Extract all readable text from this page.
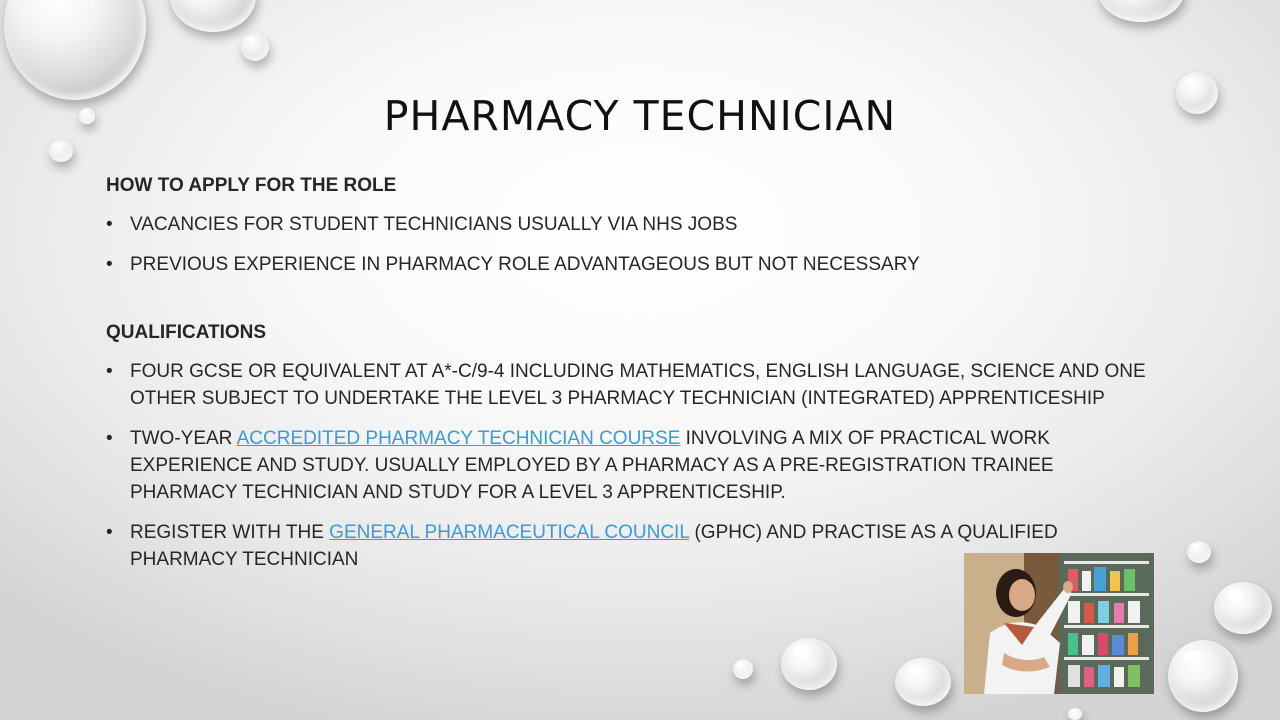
PHARMACY TECHNICIAN
HOW TO APPLY FOR THE ROLE
• VACANCIES FOR STUDENT TECHNICIANS USUALLY VIA NHS JOBS
• PREVIOUS EXPERIENCE IN PHARMACY ROLE ADVANTAGEOUS BUT NOT NECESSARY
QUALIFICATIONS
• FOUR GCSE OR EQUIVALENT AT A*-C/9-4 INCLUDING MATHEMATICS, ENGLISH LANGUAGE, SCIENCE AND ONE OTHER SUBJECT TO UNDERTAKE THE LEVEL 3 PHARMACY TECHNICIAN (INTEGRATED) APPRENTICESHIP
• TWO-YEAR ACCREDITED PHARMACY TECHNICIAN COURSE INVOLVING A MIX OF PRACTICAL WORK EXPERIENCE AND STUDY. USUALLY EMPLOYED BY A PHARMACY AS A PRE-REGISTRATION TRAINEE PHARMACY TECHNICIAN AND STUDY FOR A LEVEL 3 APPRENTICESHIP.
• REGISTER WITH THE GENERAL PHARMACEUTICAL COUNCIL (GPHC) AND PRACTISE AS A QUALIFIED PHARMACY TECHNICIAN
